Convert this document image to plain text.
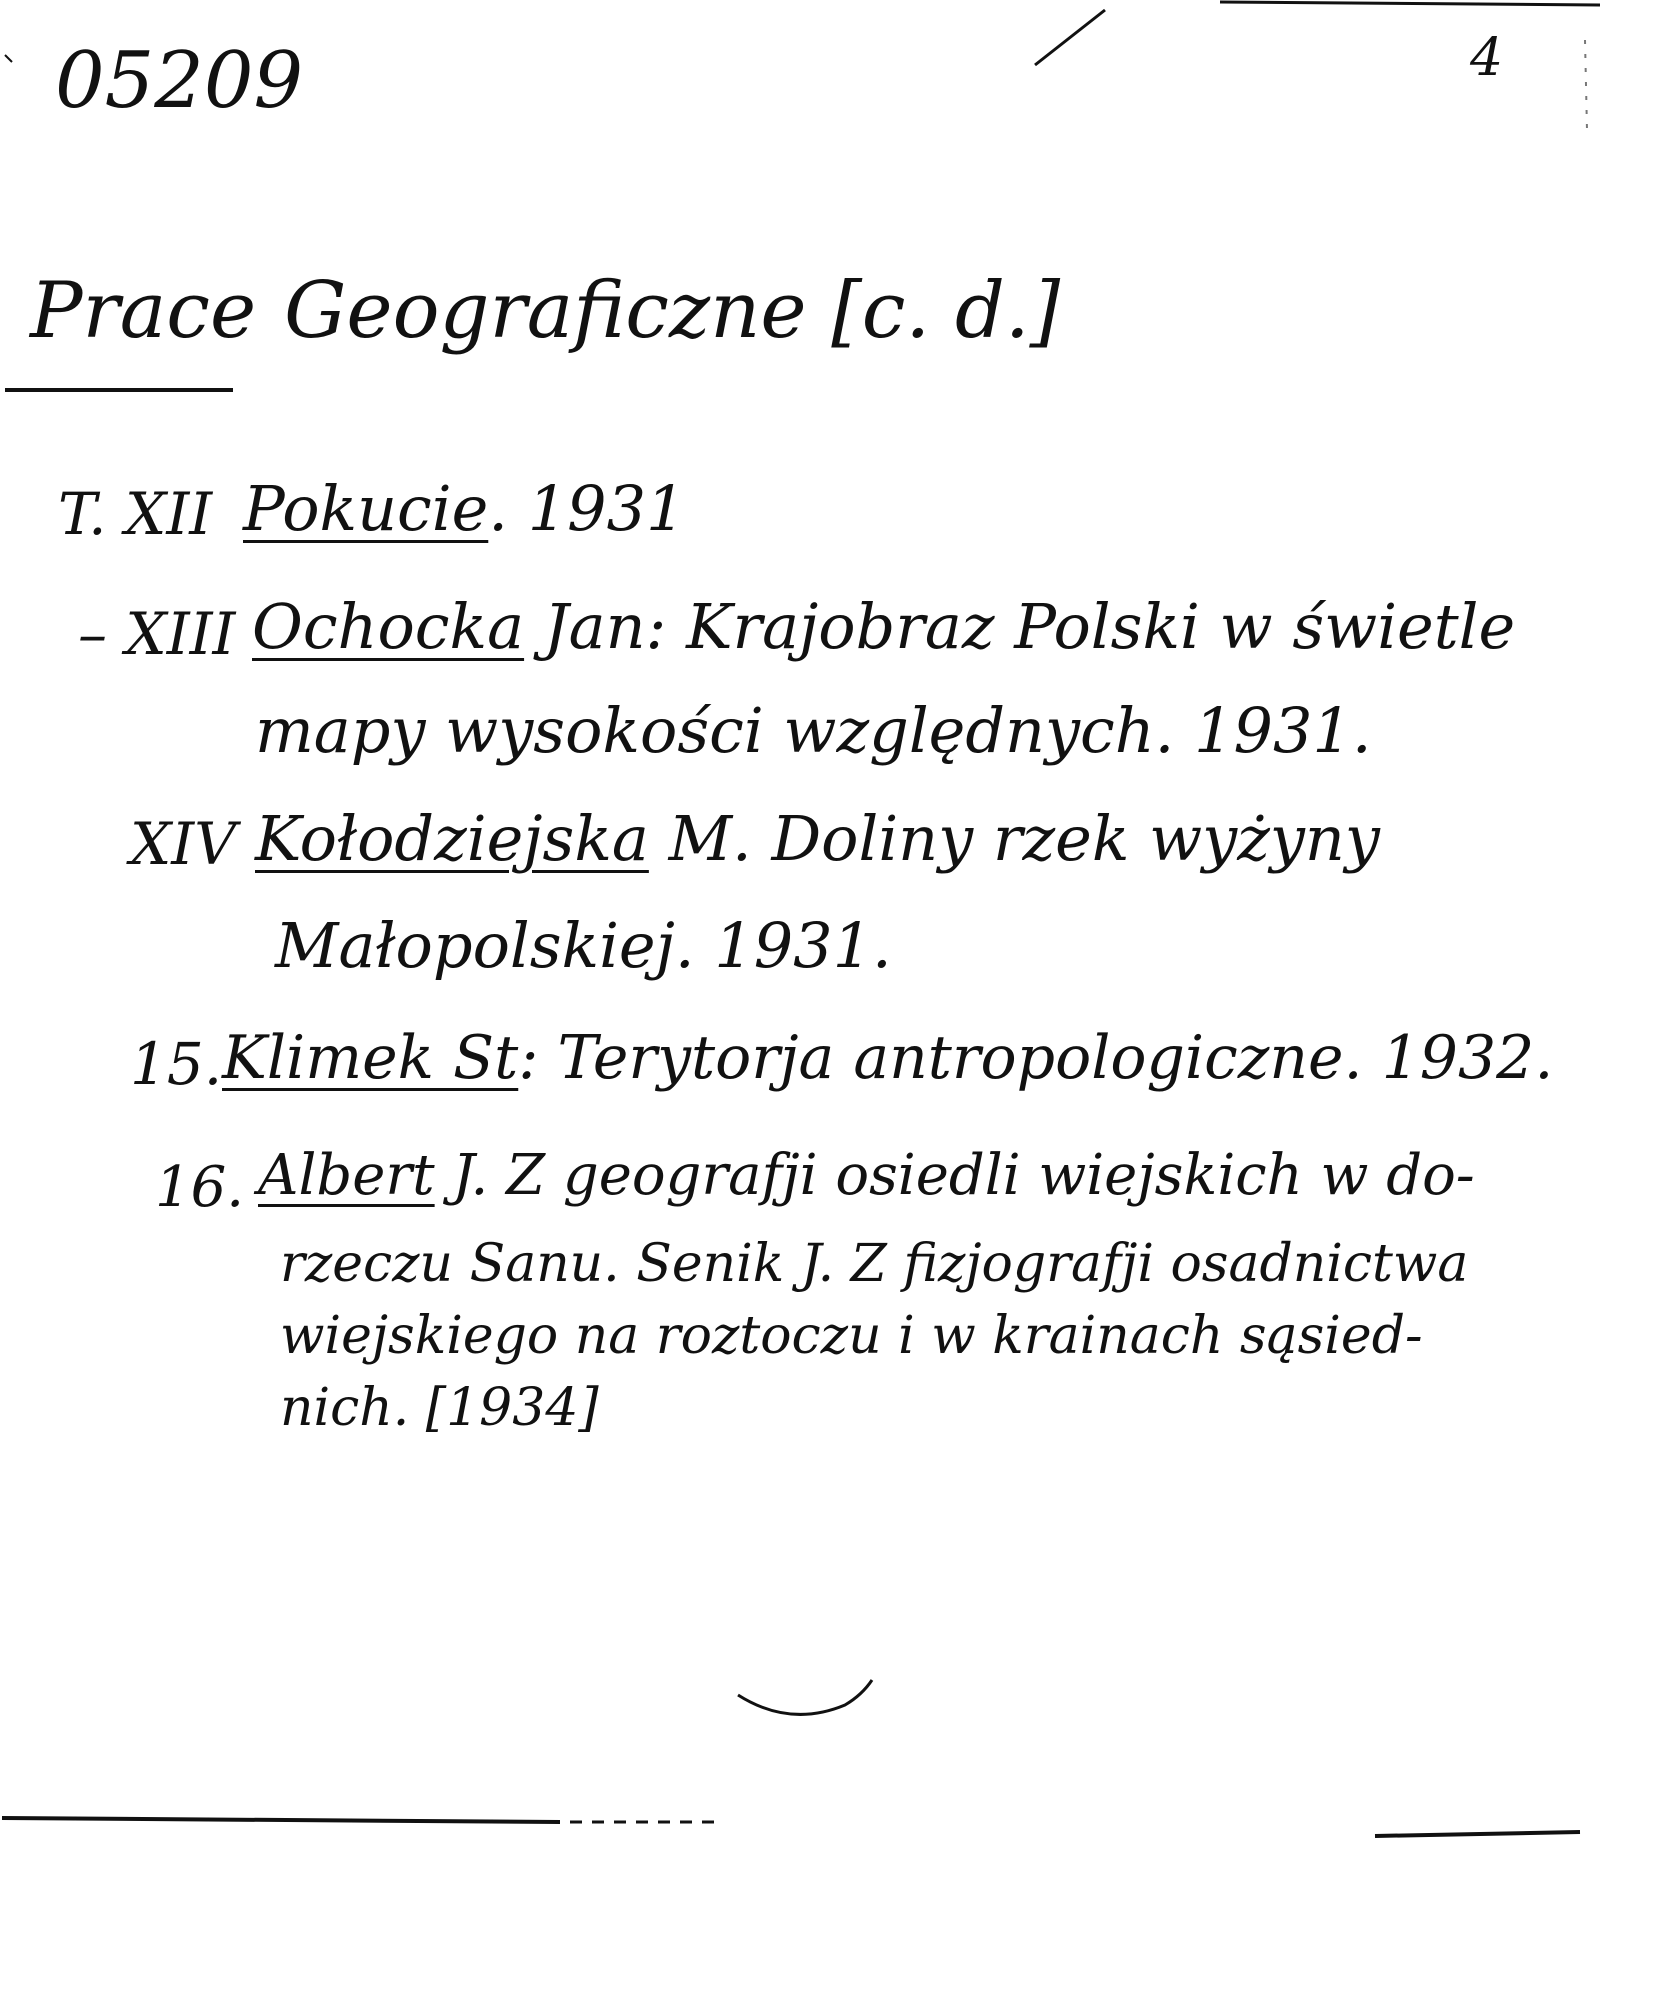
05209	4
Prace Geograficzne [c. d.]
T. XII Pokucie. 1931
– XIII Ochocka Jan: Krajobraz Polski w świetle
mapy wysokości względnych. 1931.
XIV Kołodziejska M. Doliny rzek wyżyny
Małopolskiej. 1931.
15. Klimek St: Terytorja antropologiczne. 1932.
16. Albert J. Z geografji osiedli wiejskich w do-
rzeczu Sanu. Senik J. Z fizjografji osadnictwa
wiejskiego na roztoczu i w krainach sąsied-
nich. [1934]
